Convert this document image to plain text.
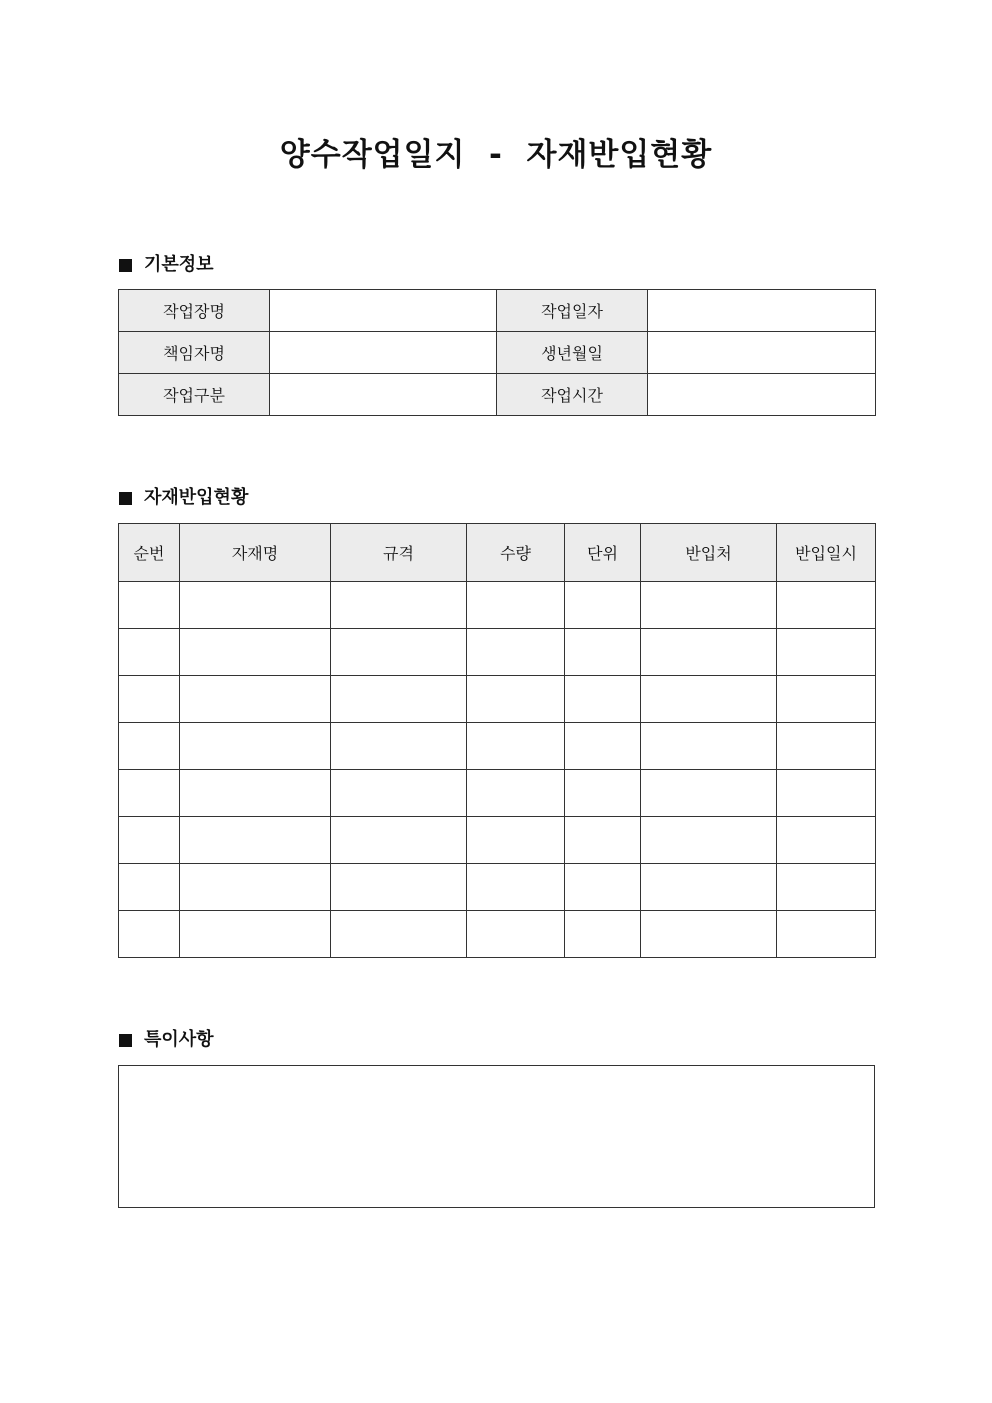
양수작업일지  -  자재반입현황
기본정보
작업장명		작업일자	
책임자명		생년월일	
작업구분		작업시간	
자재반입현황
순번	자재명	규격	수량	단위	반입처	반입일시

특이사항
